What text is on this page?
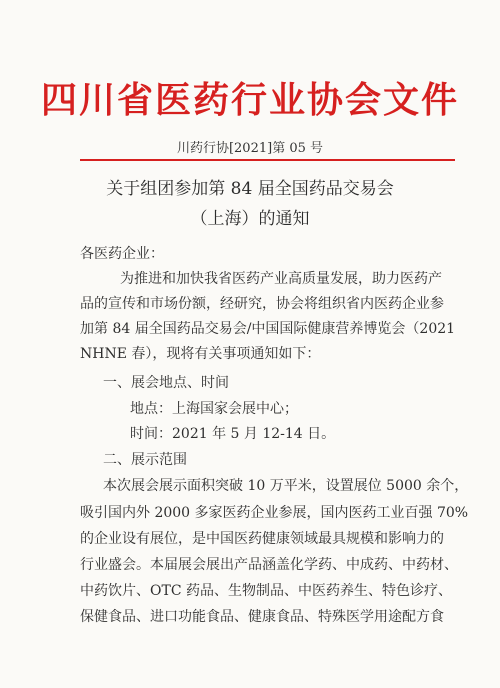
四川省医药行业协会文件
川药行协[2021]第 05 号
关于组团参加第 84 届全国药品交易会
（上海）的通知
各医药企业：
为推进和加快我省医药产业高质量发展，助力医药产
品的宣传和市场份额，经研究，协会将组织省内医药企业参
加第 84 届全国药品交易会/中国国际健康营养博览会（2021
NHNE 春），现将有关事项通知如下：
一、展会地点、时间
地点：上海国家会展中心；
时间：2021 年 5 月 12-14 日。
二、展示范围
本次展会展示面积突破 10 万平米，设置展位 5000 余个，
吸引国内外 2000 多家医药企业参展，国内医药工业百强 70%
的企业设有展位，是中国医药健康领域最具规模和影响力的
行业盛会。本届展会展出产品涵盖化学药、中成药、中药材、
中药饮片、OTC 药品、生物制品、中医药养生、特色诊疗、
保健食品、进口功能食品、健康食品、特殊医学用途配方食
